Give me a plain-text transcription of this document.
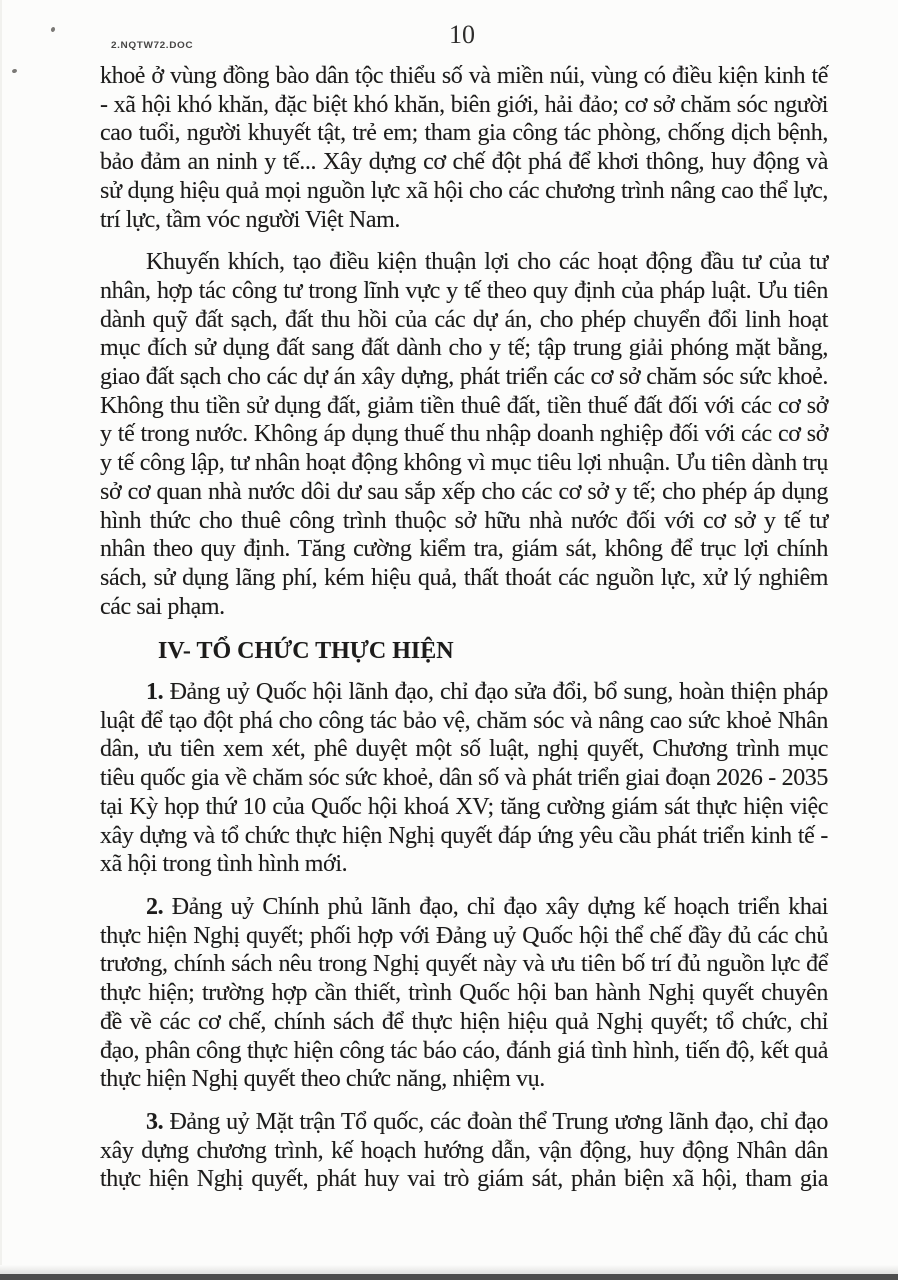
2.NQTW72.DOC	10

khoẻ ở vùng đồng bào dân tộc thiểu số và miền núi, vùng có điều kiện kinh tế - xã hội khó khăn, đặc biệt khó khăn, biên giới, hải đảo; cơ sở chăm sóc người cao tuổi, người khuyết tật, trẻ em; tham gia công tác phòng, chống dịch bệnh, bảo đảm an ninh y tế... Xây dựng cơ chế đột phá để khơi thông, huy động và sử dụng hiệu quả mọi nguồn lực xã hội cho các chương trình nâng cao thể lực, trí lực, tầm vóc người Việt Nam.

Khuyến khích, tạo điều kiện thuận lợi cho các hoạt động đầu tư của tư nhân, hợp tác công tư trong lĩnh vực y tế theo quy định của pháp luật. Ưu tiên dành quỹ đất sạch, đất thu hồi của các dự án, cho phép chuyển đổi linh hoạt mục đích sử dụng đất sang đất dành cho y tế; tập trung giải phóng mặt bằng, giao đất sạch cho các dự án xây dựng, phát triển các cơ sở chăm sóc sức khoẻ. Không thu tiền sử dụng đất, giảm tiền thuê đất, tiền thuế đất đối với các cơ sở y tế trong nước. Không áp dụng thuế thu nhập doanh nghiệp đối với các cơ sở y tế công lập, tư nhân hoạt động không vì mục tiêu lợi nhuận. Ưu tiên dành trụ sở cơ quan nhà nước dôi dư sau sắp xếp cho các cơ sở y tế; cho phép áp dụng hình thức cho thuê công trình thuộc sở hữu nhà nước đối với cơ sở y tế tư nhân theo quy định. Tăng cường kiểm tra, giám sát, không để trục lợi chính sách, sử dụng lãng phí, kém hiệu quả, thất thoát các nguồn lực, xử lý nghiêm các sai phạm.

IV- TỔ CHỨC THỰC HIỆN

1. Đảng uỷ Quốc hội lãnh đạo, chỉ đạo sửa đổi, bổ sung, hoàn thiện pháp luật để tạo đột phá cho công tác bảo vệ, chăm sóc và nâng cao sức khoẻ Nhân dân, ưu tiên xem xét, phê duyệt một số luật, nghị quyết, Chương trình mục tiêu quốc gia về chăm sóc sức khoẻ, dân số và phát triển giai đoạn 2026 - 2035 tại Kỳ họp thứ 10 của Quốc hội khoá XV; tăng cường giám sát thực hiện việc xây dựng và tổ chức thực hiện Nghị quyết đáp ứng yêu cầu phát triển kinh tế - xã hội trong tình hình mới.

2. Đảng uỷ Chính phủ lãnh đạo, chỉ đạo xây dựng kế hoạch triển khai thực hiện Nghị quyết; phối hợp với Đảng uỷ Quốc hội thể chế đầy đủ các chủ trương, chính sách nêu trong Nghị quyết này và ưu tiên bố trí đủ nguồn lực để thực hiện; trường hợp cần thiết, trình Quốc hội ban hành Nghị quyết chuyên đề về các cơ chế, chính sách để thực hiện hiệu quả Nghị quyết; tổ chức, chỉ đạo, phân công thực hiện công tác báo cáo, đánh giá tình hình, tiến độ, kết quả thực hiện Nghị quyết theo chức năng, nhiệm vụ.

3. Đảng uỷ Mặt trận Tổ quốc, các đoàn thể Trung ương lãnh đạo, chỉ đạo xây dựng chương trình, kế hoạch hướng dẫn, vận động, huy động Nhân dân thực hiện Nghị quyết, phát huy vai trò giám sát, phản biện xã hội, tham gia
